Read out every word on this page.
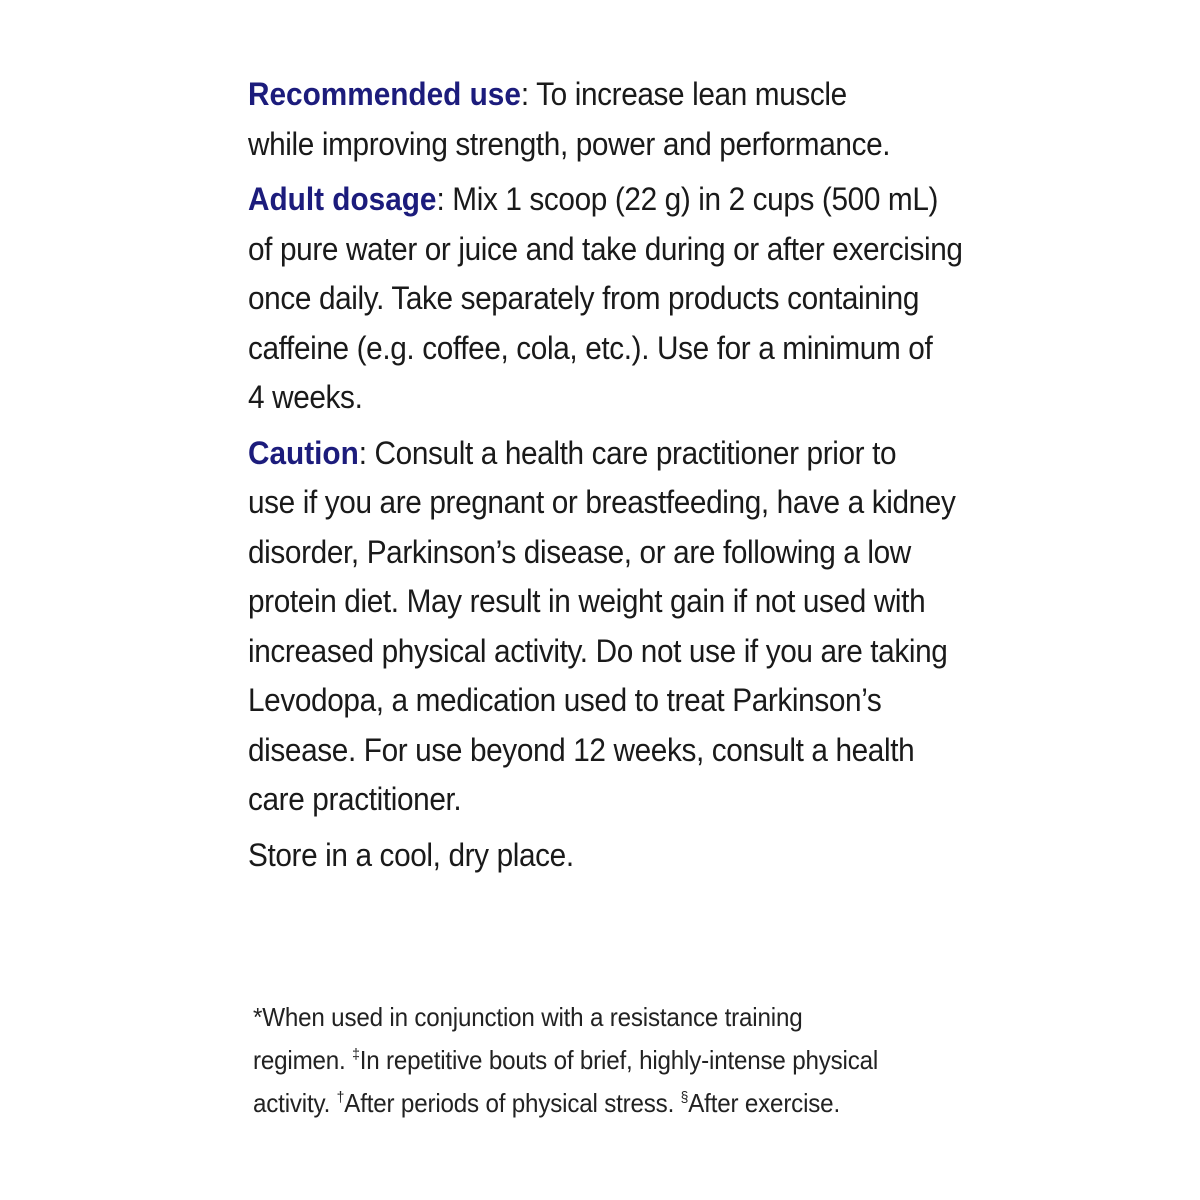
Recommended use: To increase lean muscle
while improving strength, power and performance.

Adult dosage: Mix 1 scoop (22 g) in 2 cups (500 mL)
of pure water or juice and take during or after exercising
once daily. Take separately from products containing
caffeine (e.g. coffee, cola, etc.). Use for a minimum of
4 weeks.

Caution: Consult a health care practitioner prior to
use if you are pregnant or breastfeeding, have a kidney
disorder, Parkinson’s disease, or are following a low
protein diet. May result in weight gain if not used with
increased physical activity. Do not use if you are taking
Levodopa, a medication used to treat Parkinson’s
disease. For use beyond 12 weeks, consult a health
care practitioner.

Store in a cool, dry place.

*When used in conjunction with a resistance training
regimen. ‡In repetitive bouts of brief, highly-intense physical
activity. †After periods of physical stress. §After exercise.
